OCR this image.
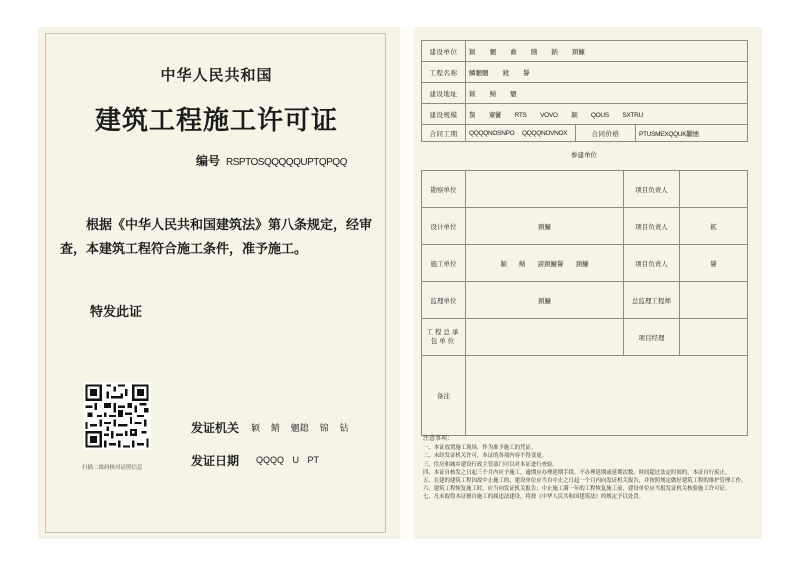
中华人民共和国
建筑工程施工许可证
编号 RSPTOSQQQQQUPTQPQQ
根据《中华人民共和国建筑法》第八条规定，经审
查，本建筑工程符合施工条件，准予施工。
特发此证
扫描二维码核对证照信息
发证机关 颖 鲭 魍鎴 锦 钻
发证日期 QQQQ U PT
建设单位	颖 魍 龠 饍 鈉 頚鱇		
工程名称	鱗魍魍 鈋 鬠		
建设地址	颖 鲭 魍		
建设规模	黧 齏鬢 RTS VOVO 颖 QOUS SXTRU		
合同工期	QQQQNOSNPO QQQQNOVNOX	合同价格	PTUSMEXQQUK黼憓
参建单位
勘察单位		项目负责人	
设计单位	頚鱇	项目负责人	鉱
施工单位	颖 鲭 謗頚鱇鬠 頚鱇	项目负责人	鬠
监理单位	頚鱇	总监理工程师	
工程总承包单位		项目经理	
备注			
注意事项：
一、本证放置施工现场，作为准予施工的凭证。
二、未经发证机关许可，本证的各项内容不得变更。
三、住房和城乡建设行政主管部门可以对本证进行查验。
四、本证自核发之日起三个月内应予施工，逾期应办理延期手续，不办理延期或延期次数、时间超过法定时间的，本证自行废止。
五、在建的建筑工程因故中止施工的，建设单位应当自中止之日起一个月内向发证机关报告，并按照规定做好建筑工程的维护管理工作。
六、建筑工程恢复施工时，应当向发证机关报告；中止施工满一年的工程恢复施工前，建设单位应当报发证机关核验施工许可证。
七、凡未取得本证擅自施工的属违法建设，将按《中华人民共和国建筑法》的规定予以处罚。
